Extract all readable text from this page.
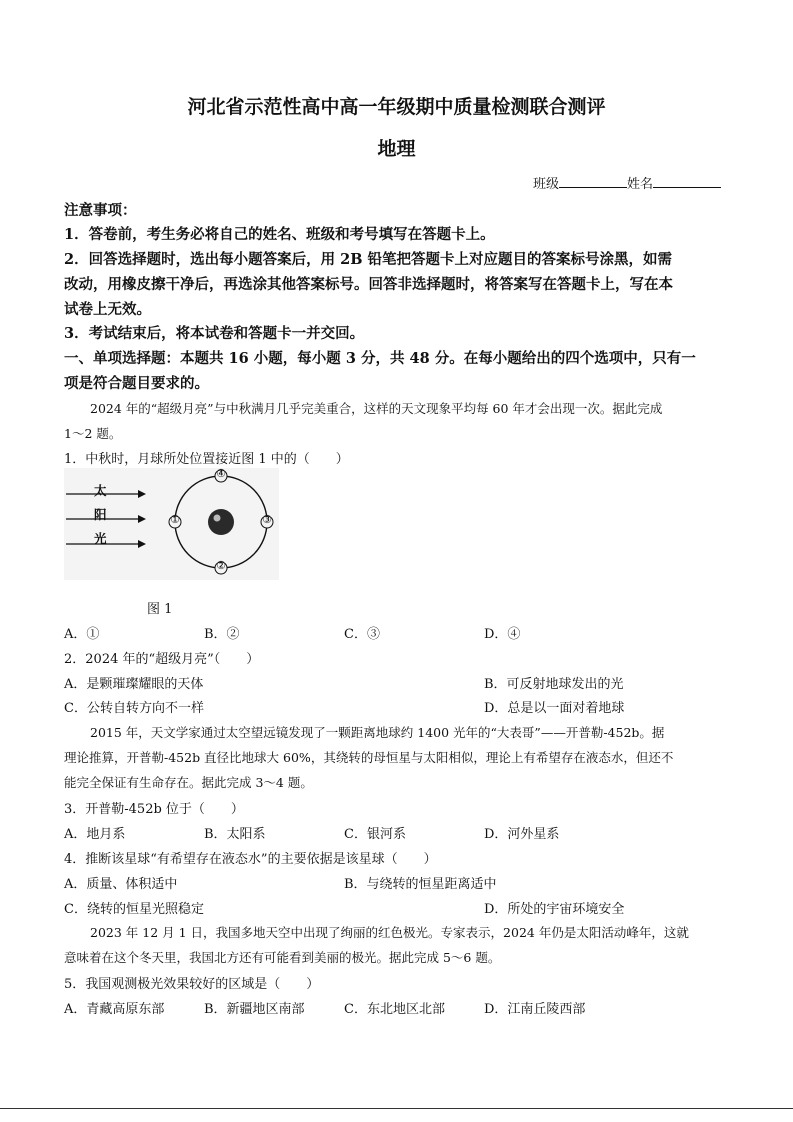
河北省示范性高中高一年级期中质量检测联合测评
地理
班级	姓名
注意事项：
1．答卷前，考生务必将自己的姓名、班级和考号填写在答题卡上。
2．回答选择题时，选出每小题答案后，用 2B 铅笔把答题卡上对应题目的答案标号涂黑，如需
改动，用橡皮擦干净后，再选涂其他答案标号。回答非选择题时，将答案写在答题卡上，写在本
试卷上无效。
3．考试结束后，将本试卷和答题卡一并交回。
一、单项选择题：本题共 16 小题，每小题 3 分，共 48 分。在每小题给出的四个选项中，只有一
项是符合题目要求的。
2024 年的“超级月亮”与中秋满月几乎完美重合，这样的天文现象平均每 60 年才会出现一次。据此完成
1～2 题。
1．中秋时，月球所处位置接近图 1 中的（　　）
太
阳
光
①
②
③
④
图 1
A．①	B．②	C．③	D．④
2．2024 年的“超级月亮”（　　）
A．是颗璀璨耀眼的天体	B．可反射地球发出的光
C．公转自转方向不一样	D．总是以一面对着地球
2015 年，天文学家通过太空望远镜发现了一颗距离地球约 1400 光年的“大表哥”——开普勒-452b。据
理论推算，开普勒-452b 直径比地球大 60%，其绕转的母恒星与太阳相似，理论上有希望存在液态水，但还不
能完全保证有生命存在。据此完成 3～4 题。
3．开普勒-452b 位于（　　）
A．地月系	B．太阳系	C．银河系	D．河外星系
4．推断该星球“有希望存在液态水”的主要依据是该星球（　　）
A．质量、体积适中	B．与绕转的恒星距离适中
C．绕转的恒星光照稳定	D．所处的宇宙环境安全
2023 年 12 月 1 日，我国多地天空中出现了绚丽的红色极光。专家表示，2024 年仍是太阳活动峰年，这就
意味着在这个冬天里，我国北方还有可能看到美丽的极光。据此完成 5～6 题。
5．我国观测极光效果较好的区域是（　　）
A．青藏高原东部	B．新疆地区南部	C．东北地区北部	D．江南丘陵西部
